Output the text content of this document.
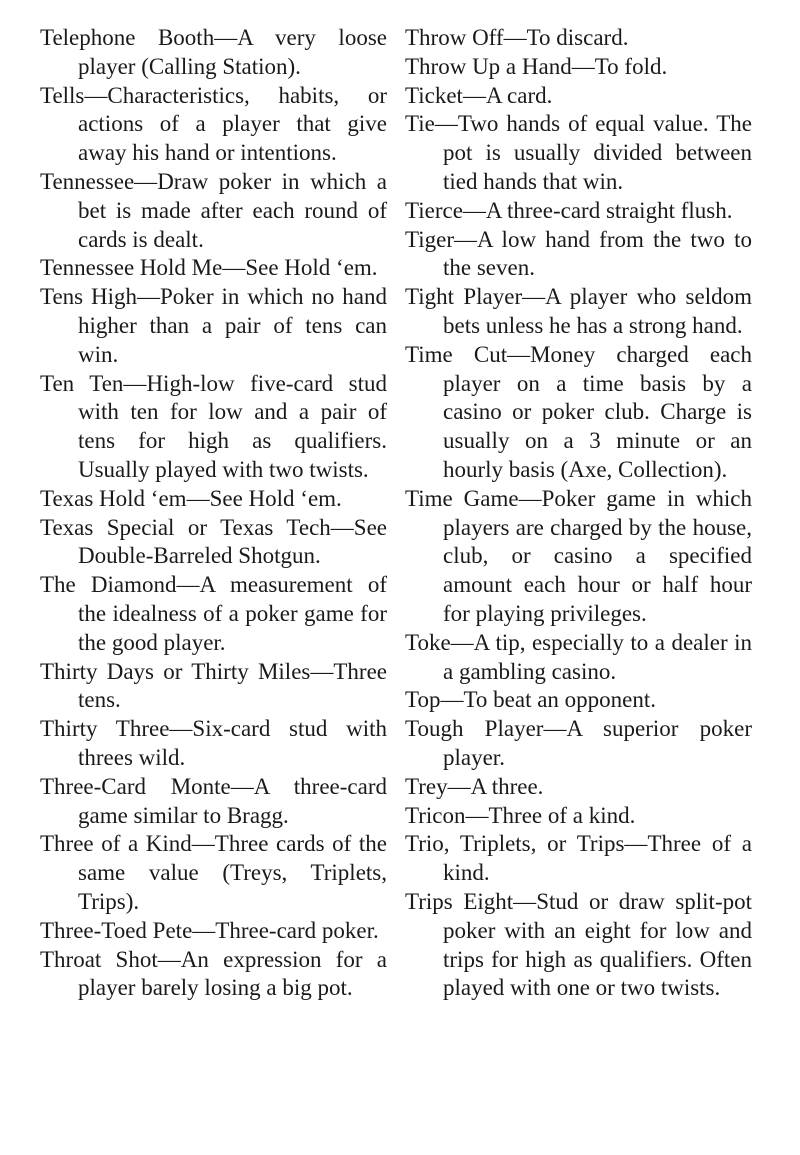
Telephone Booth—A very loose player (Calling Station).

Tells—Characteristics, habits, or actions of a player that give away his hand or intentions.

Tennessee—Draw poker in which a bet is made after each round of cards is dealt.

Tennessee Hold Me—See Hold ‘em.

Tens High—Poker in which no hand higher than a pair of tens can win.

Ten Ten—High-low five-card stud with ten for low and a pair of tens for high as qualifiers. Usually played with two twists.

Texas Hold ‘em—See Hold ‘em.

Texas Special or Texas Tech—See Double-Barreled Shotgun.

The Diamond—A measurement of the idealness of a poker game for the good player.

Thirty Days or Thirty Miles—Three tens.

Thirty Three—Six-card stud with threes wild.

Three-Card Monte—A three-card game similar to Bragg.

Three of a Kind—Three cards of the same value (Treys, Triplets, Trips).

Three-Toed Pete—Three-card poker.

Throat Shot—An expression for a player barely losing a big pot.

Throw Off—To discard.

Throw Up a Hand—To fold.

Ticket—A card.

Tie—Two hands of equal value. The pot is usually divided between tied hands that win.

Tierce—A three-card straight flush.

Tiger—A low hand from the two to the seven.

Tight Player—A player who seldom bets unless he has a strong hand.

Time Cut—Money charged each player on a time basis by a casino or poker club. Charge is usually on a 3 minute or an hourly basis (Axe, Collection).

Time Game—Poker game in which players are charged by the house, club, or casino a specified amount each hour or half hour for playing privileges.

Toke—A tip, especially to a dealer in a gambling casino.

Top—To beat an opponent.

Tough Player—A superior poker player.

Trey—A three.

Tricon—Three of a kind.

Trio, Triplets, or Trips—Three of a kind.

Trips Eight—Stud or draw split-pot poker with an eight for low and trips for high as qualifiers. Often played with one or two twists.
